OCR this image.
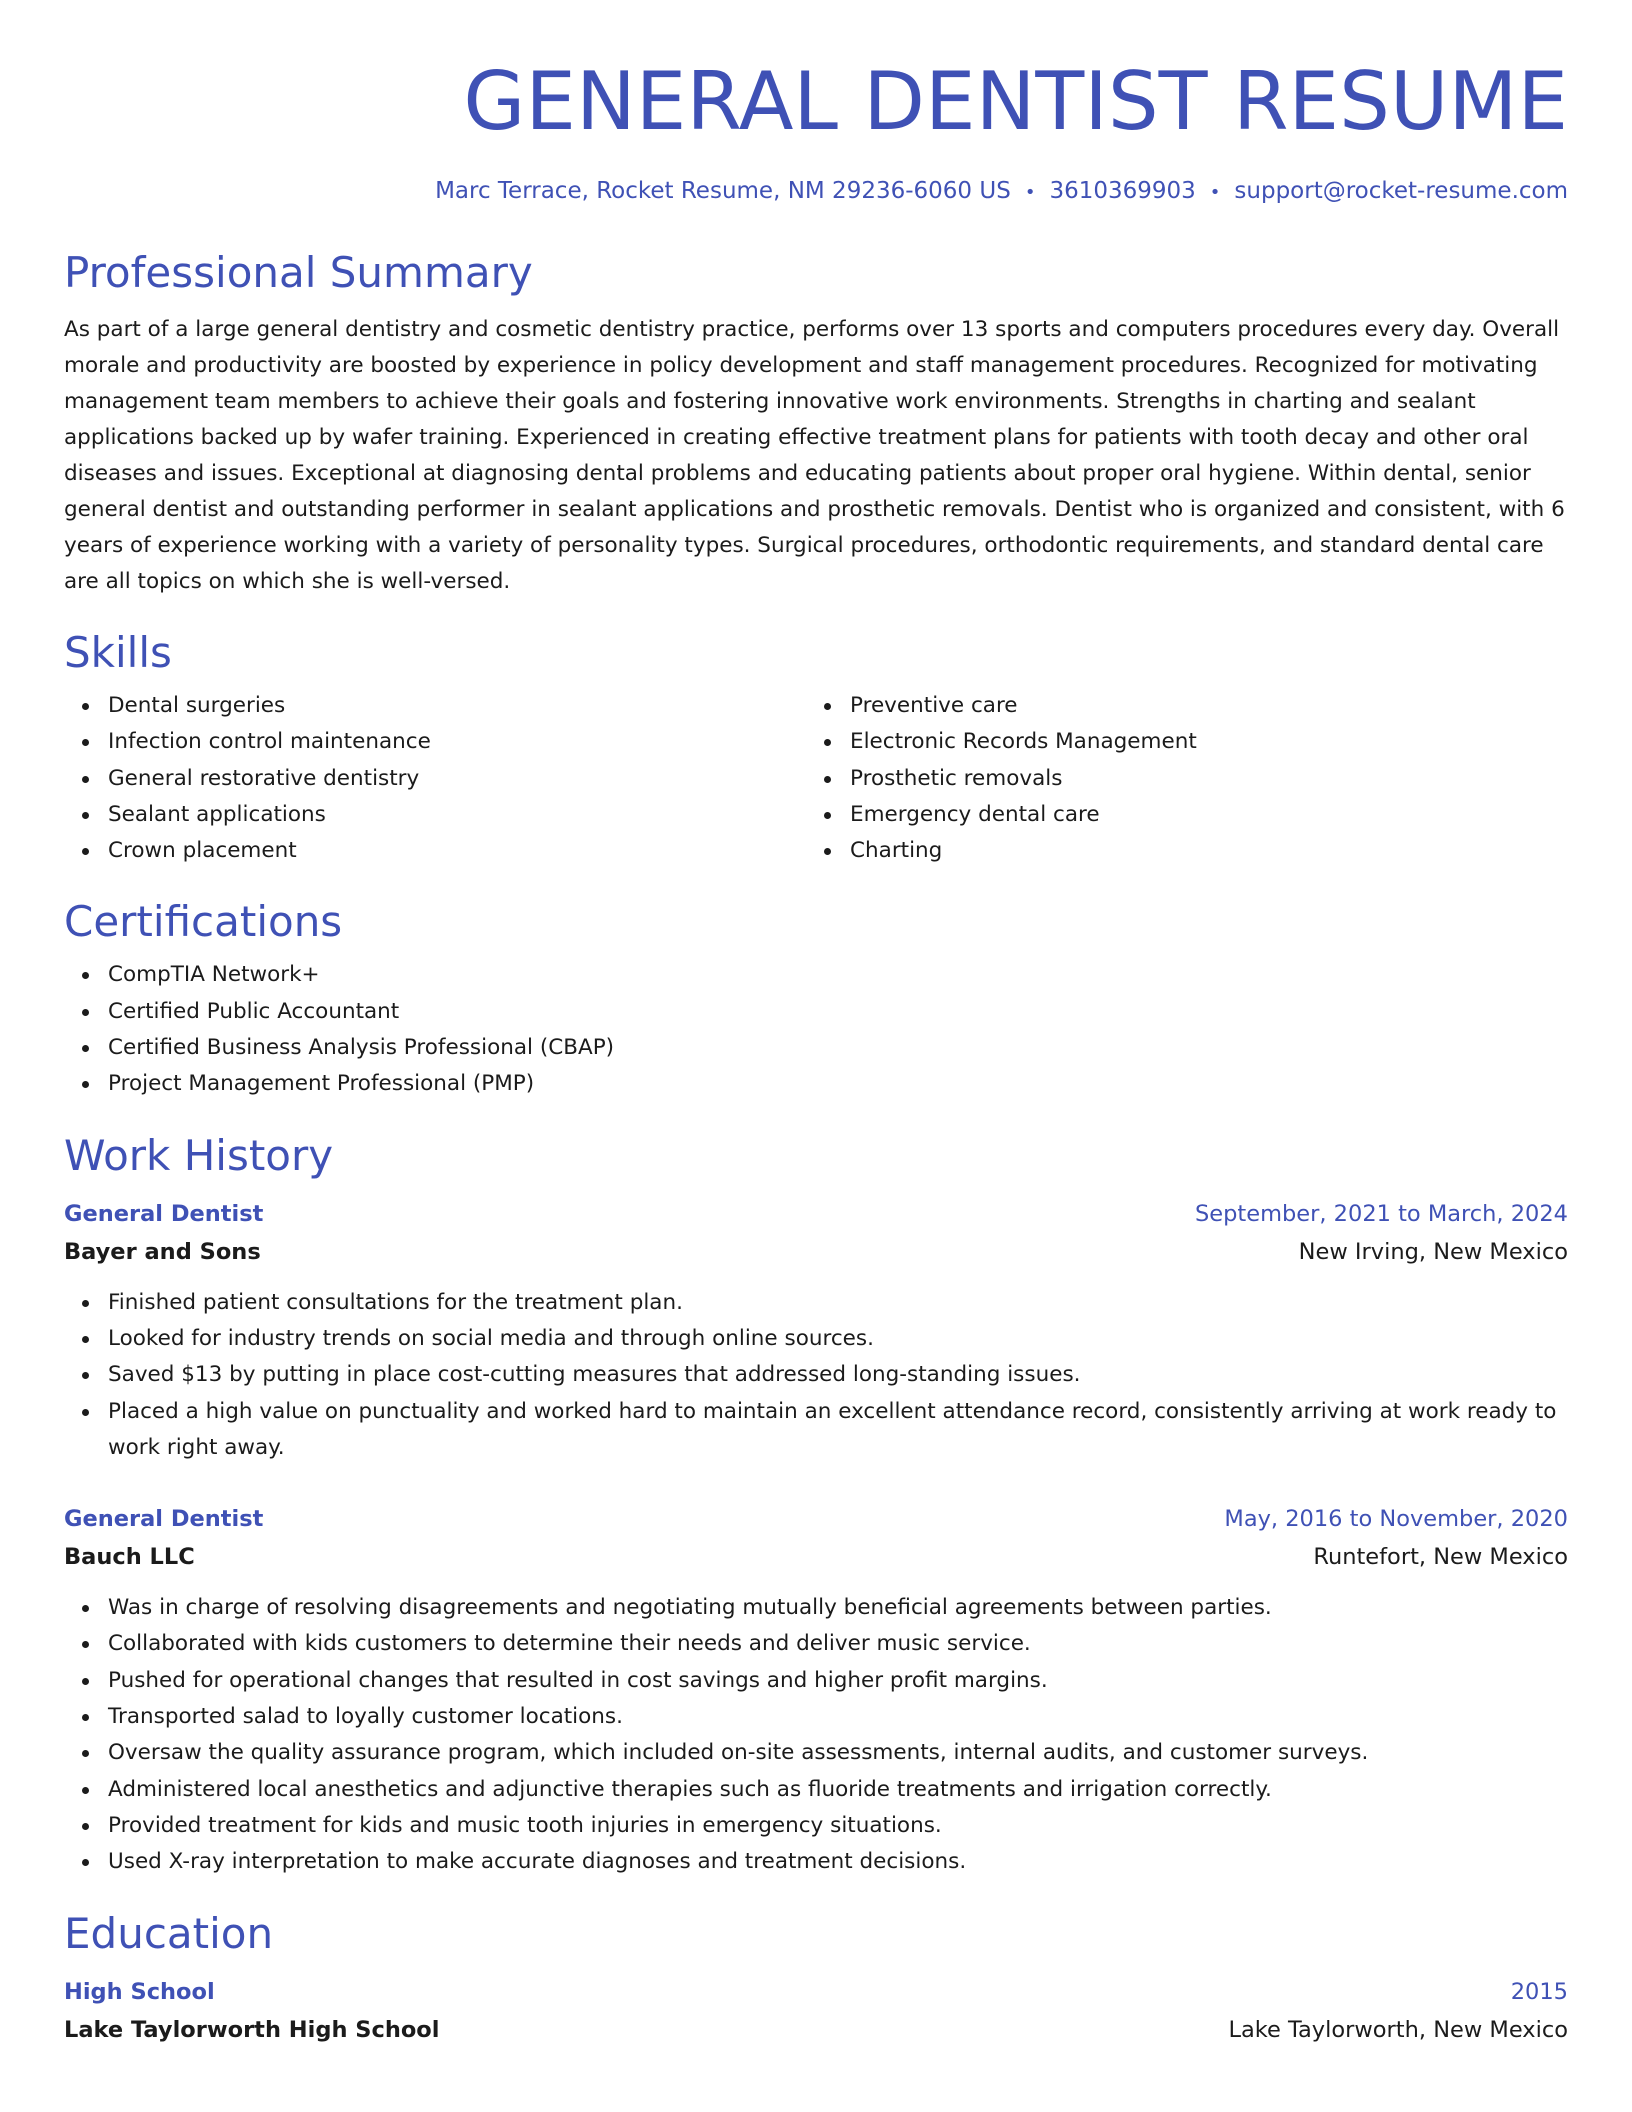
GENERAL DENTIST RESUME
Marc Terrace, Rocket Resume, NM 29236-6060 US • 3610369903 • support@rocket-resume.com
Professional Summary

As part of a large general dentistry and cosmetic dentistry practice, performs over 13 sports and computers procedures every day. Overall morale and productivity are boosted by experience in policy development and staff management procedures. Recognized for motivating management team members to achieve their goals and fostering innovative work environments. Strengths in charting and sealant applications backed up by wafer training. Experienced in creating effective treatment plans for patients with tooth decay and other oral diseases and issues. Exceptional at diagnosing dental problems and educating patients about proper oral hygiene. Within dental, senior general dentist and outstanding performer in sealant applications and prosthetic removals. Dentist who is organized and consistent, with 6 years of experience working with a variety of personality types. Surgical procedures, orthodontic requirements, and standard dental care are all topics on which she is well-versed.

Skills
Dental surgeries
Infection control maintenance
General restorative dentistry
Sealant applications
Crown placement
Preventive care
Electronic Records Management
Prosthetic removals
Emergency dental care
Charting
Certifications
CompTIA Network+
Certified Public Accountant
Certified Business Analysis Professional (CBAP)
Project Management Professional (PMP)
Work History
General Dentist	September, 2021 to March, 2024
Bayer and Sons	New Irving, New Mexico
Finished patient consultations for the treatment plan.
Looked for industry trends on social media and through online sources.
Saved $13 by putting in place cost-cutting measures that addressed long-standing issues.
Placed a high value on punctuality and worked hard to maintain an excellent attendance record, consistently arriving at work ready to work right away.
General Dentist	May, 2016 to November, 2020
Bauch LLC	Runtefort, New Mexico
Was in charge of resolving disagreements and negotiating mutually beneficial agreements between parties.
Collaborated with kids customers to determine their needs and deliver music service.
Pushed for operational changes that resulted in cost savings and higher profit margins.
Transported salad to loyally customer locations.
Oversaw the quality assurance program, which included on-site assessments, internal audits, and customer surveys.
Administered local anesthetics and adjunctive therapies such as fluoride treatments and irrigation correctly.
Provided treatment for kids and music tooth injuries in emergency situations.
Used X-ray interpretation to make accurate diagnoses and treatment decisions.
Education
High School	2015
Lake Taylorworth High School	Lake Taylorworth, New Mexico
